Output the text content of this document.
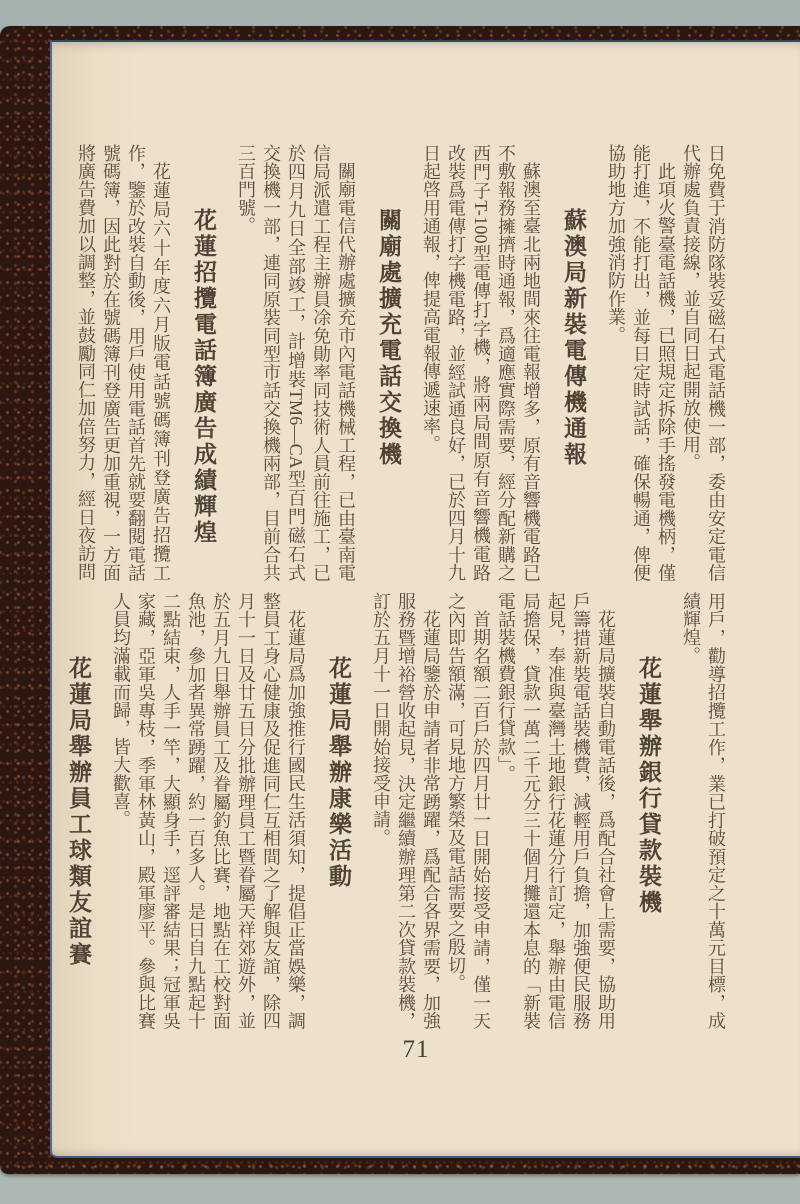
日免費于消防隊裝妥磁石式電話機一部，委由安定電信代辦處負責接線，並自同日起開放使用。

此項火警臺電話機，已照規定拆除手搖發電機柄，僅能打進，不能打出，並每日定時試話，確保暢通，俾便協助地方加強消防作業。

蘇澳局新裝電傳機通報

蘇澳至臺北兩地間來往電報增多，原有音響機電路已不敷報務擁擠時通報，爲適應實際需要，經分配新購之西門子T-100型電傳打字機，將兩局間原有音響機電路改裝爲電傳打字機電路，並經試通良好，已於四月十九日起啓用通報，俾提高電報傳遞速率。

關廟處擴充電話交換機

關廟電信代辦處擴充市內電話機械工程，已由臺南電信局派遣工程主辦員凃免勛率同技術人員前往施工，已於四月九日全部竣工，計增裝TM6—CA型百門磁石式交換機一部，連同原裝同型市話交換機兩部，目前合共三百門號。

花蓮招攬電話簿廣告成績輝煌

花蓮局六十年度六月版電話號碼簿刊登廣告招攬工作，鑒於改裝自動後，用戶使用電話首先就要翻閱電話號碼簿，因此對於在號碼簿刊登廣告更加重視，一方面將廣告費加以調整，並鼓勵同仁加倍努力，經日夜訪問

用戶，勸導招攬工作，業已打破預定之十萬元目標，成績輝煌。

花蓮舉辦銀行貸款裝機

花蓮局擴裝自動電話後，爲配合社會上需要，協助用戶籌措新裝電話裝機費，減輕用戶負擔，加強便民服務起見，奉准與臺灣土地銀行花蓮分行訂定，舉辦由電信局擔保，貸款一萬二千元分三十個月攤還本息的「新裝電話裝機費銀行貸款」。

首期名額二百戶於四月廿一日開始接受申請，僅一天之內即告額滿，可見地方繁榮及電話需要之殷切。

花蓮局鑒於申請者非常踴躍，爲配合各界需要，加強服務暨增裕營收起見，決定繼續辦理第二次貸款裝機，訂於五月十一日開始接受申請。

花蓮局舉辦康樂活動

花蓮局爲加強推行國民生活須知，提倡正當娛樂，調整員工身心健康及促進同仁互相間之了解與友誼，除四月十一日及廿五日分批辦理員工暨眷屬天祥郊遊外，並於五月九日舉辦員工及眷屬釣魚比賽，地點在工校對面魚池，參加者異常踴躍，約一百多人。是日自九點起十二點結束，人手一竿，大顯身手，逕評審結果；冠軍吳家藏，亞軍吳專枝，季軍林黃山，殿軍廖平。參與比賽人員均滿載而歸，皆大歡喜。

花蓮局舉辦員工球類友誼賽
71
